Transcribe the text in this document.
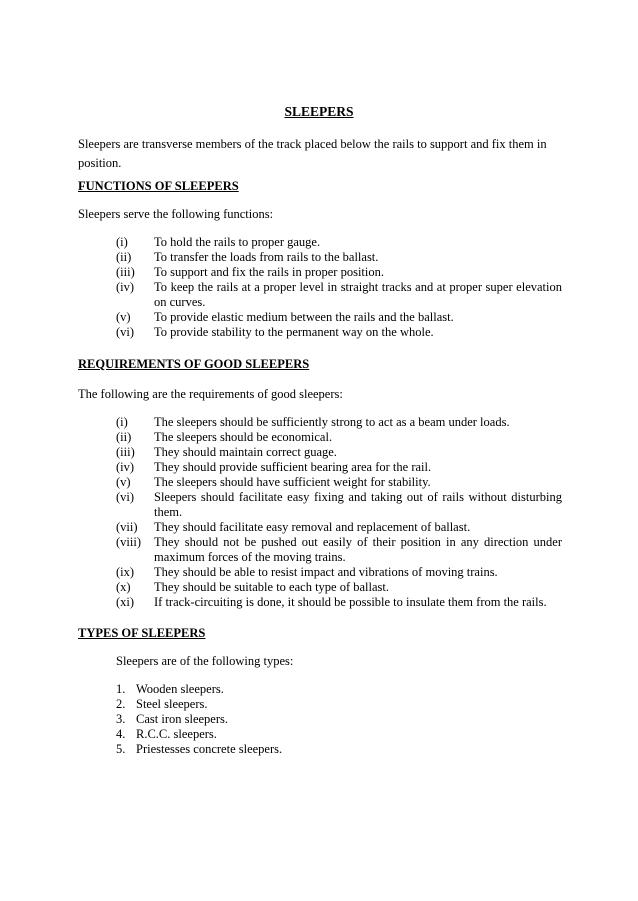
SLEEPERS
Sleepers are transverse members of the track placed below the rails to support and fix them in position.
FUNCTIONS OF SLEEPERS
Sleepers serve the following functions:
(i)	To hold the rails to proper gauge.
(ii)	To transfer the loads from rails to the ballast.
(iii)	To support and fix the rails in proper position.
(iv)	To keep the rails at a proper level in straight tracks and at proper super elevation on curves.
(v)	To provide elastic medium between the rails and the ballast.
(vi)	To provide stability to the permanent way on the whole.
REQUIREMENTS OF GOOD SLEEPERS
The following are the requirements of good sleepers:
(i)	The sleepers should be sufficiently strong to act as a beam under loads.
(ii)	The sleepers should be economical.
(iii)	They should maintain correct guage.
(iv)	They should provide sufficient bearing area for the rail.
(v)	The sleepers should have sufficient weight for stability.
(vi)	Sleepers should facilitate easy fixing and taking out of rails without disturbing them.
(vii)	They should facilitate easy removal and replacement of ballast.
(viii)	They should not be pushed out easily of their position in any direction under maximum forces of the moving trains.
(ix)	They should be able to resist impact and vibrations of moving trains.
(x)	They should be suitable to each type of ballast.
(xi)	If track-circuiting is done, it should be possible to insulate them from the rails.
TYPES OF SLEEPERS
Sleepers are of the following types:
1. Wooden sleepers.
2. Steel sleepers.
3. Cast iron sleepers.
4. R.C.C. sleepers.
5. Priestesses concrete sleepers.
